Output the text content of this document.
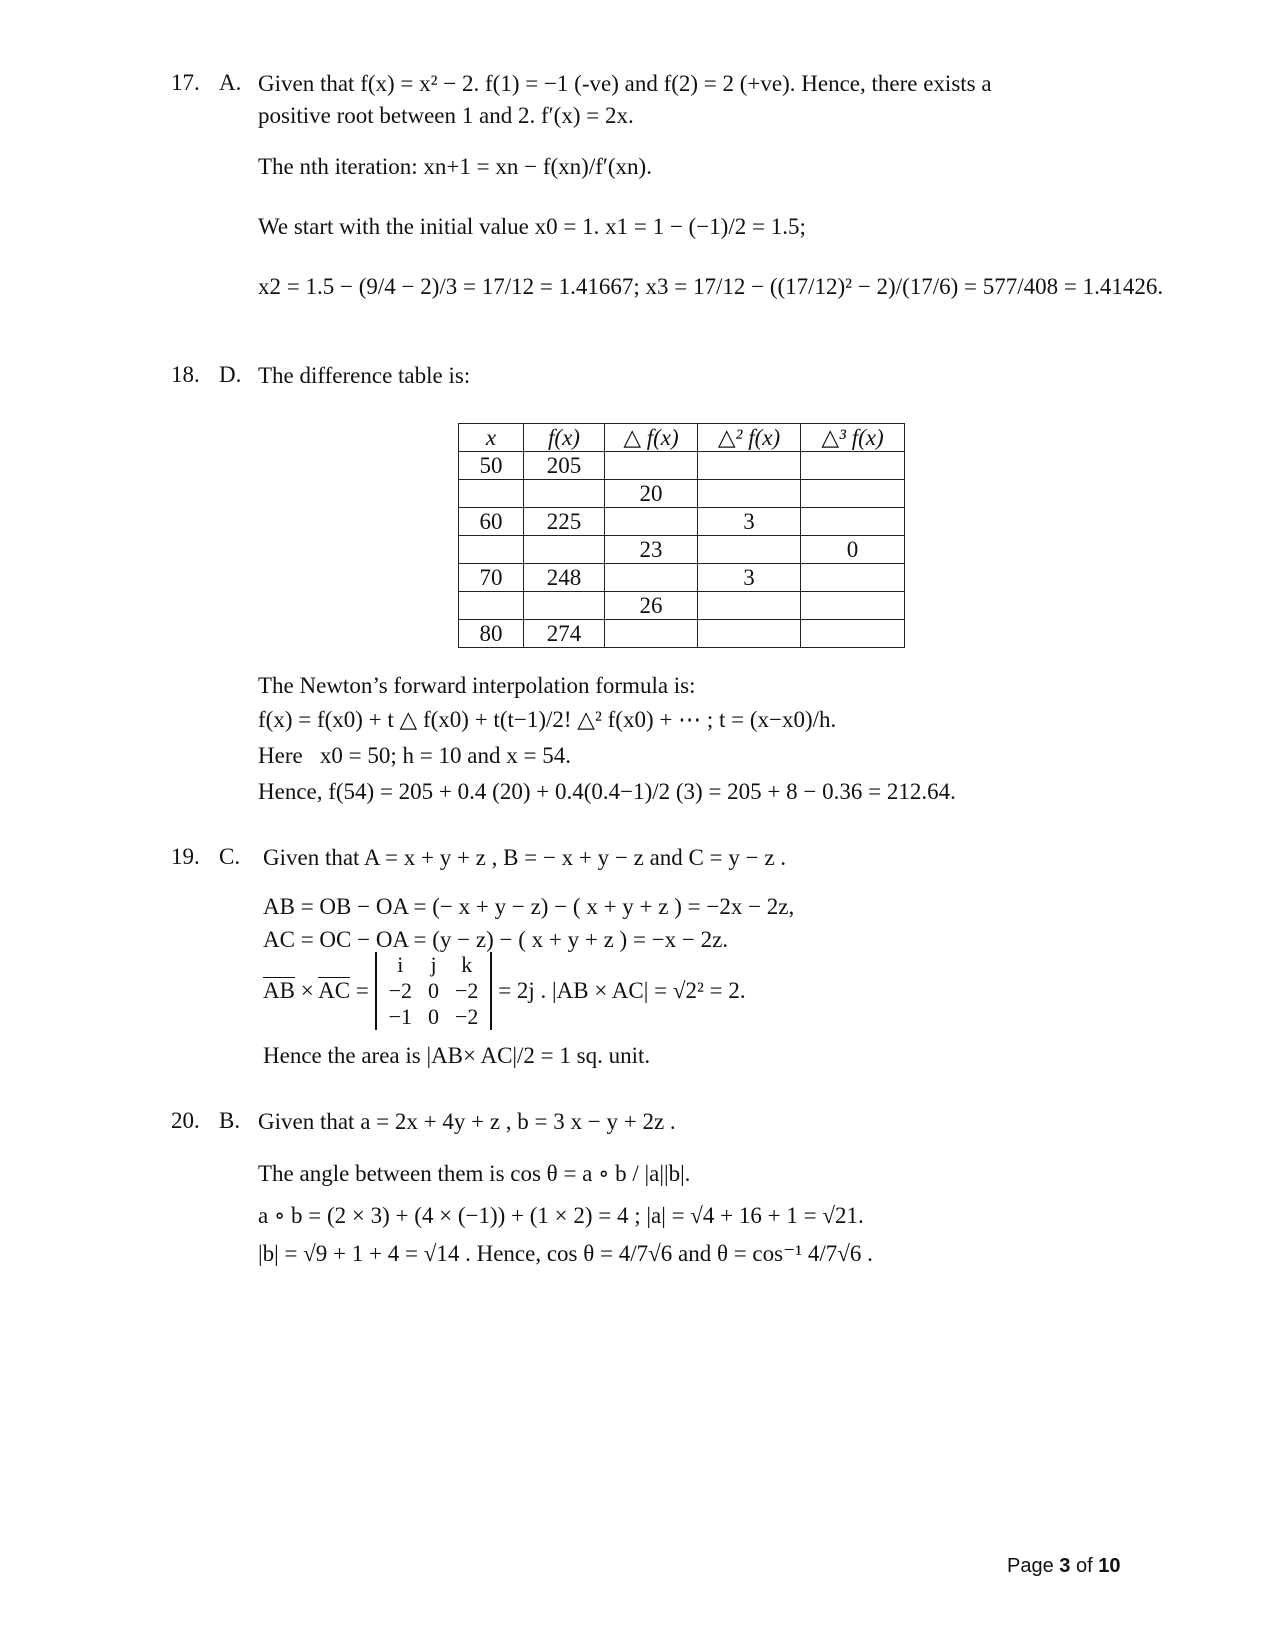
17. A. Given that f(x) = x² − 2. f(1) = −1 (-ve) and f(2) = 2 (+ve). Hence, there exists a
positive root between 1 and 2. f′(x) = 2x.
The nth iteration: xn+1 = xn − f(xn)/f′(xn).
We start with the initial value x0 = 1. x1 = 1 − (−1)/2 = 1.5;
x2 = 1.5 − (9/4 − 2)/3 = 17/12 = 1.41667; x3 = 17/12 − ((17/12)² − 2)/(17/6) = 577/408 = 1.41426.
18. D. The difference table is:
x	f(x)	△ f(x)	△² f(x)	△³ f(x)
50	205			
		20		
60	225		3	
		23		0
70	248		3	
		26		
80	274			
The Newton’s forward interpolation formula is:
f(x) = f(x0) + t △ f(x0) + t(t−1)/2! △² f(x0) + ⋯ ; t = (x−x0)/h.
Here   x0 = 50; h = 10 and x = 54.
Hence, f(54) = 205 + 0.4 (20) + 0.4(0.4−1)/2 (3) = 205 + 8 − 0.36 = 212.64.
19. C. Given that A = x + y + z , B = − x + y − z and C = y − z .
AB = OB − OA = (− x + y − z) − ( x + y + z ) = −2x − 2z,
AC = OC − OA = (y − z) − ( x + y + z ) = −x − 2z.
AB × AC =
i	j	k
−2	0	−2
−1	0	−2
= 2j . |AB × AC| = √2² = 2.
Hence the area is |AB× AC|/2 = 1 sq. unit.
20. B. Given that a = 2x + 4y + z , b = 3 x − y + 2z .
The angle between them is cos θ = a ∘ b / |a||b|.
a ∘ b = (2 × 3) + (4 × (−1)) + (1 × 2) = 4 ; |a| = √4 + 16 + 1 = √21.
|b| = √9 + 1 + 4 = √14 . Hence, cos θ = 4/7√6 and θ = cos⁻¹ 4/7√6 .
Page 3 of 10
